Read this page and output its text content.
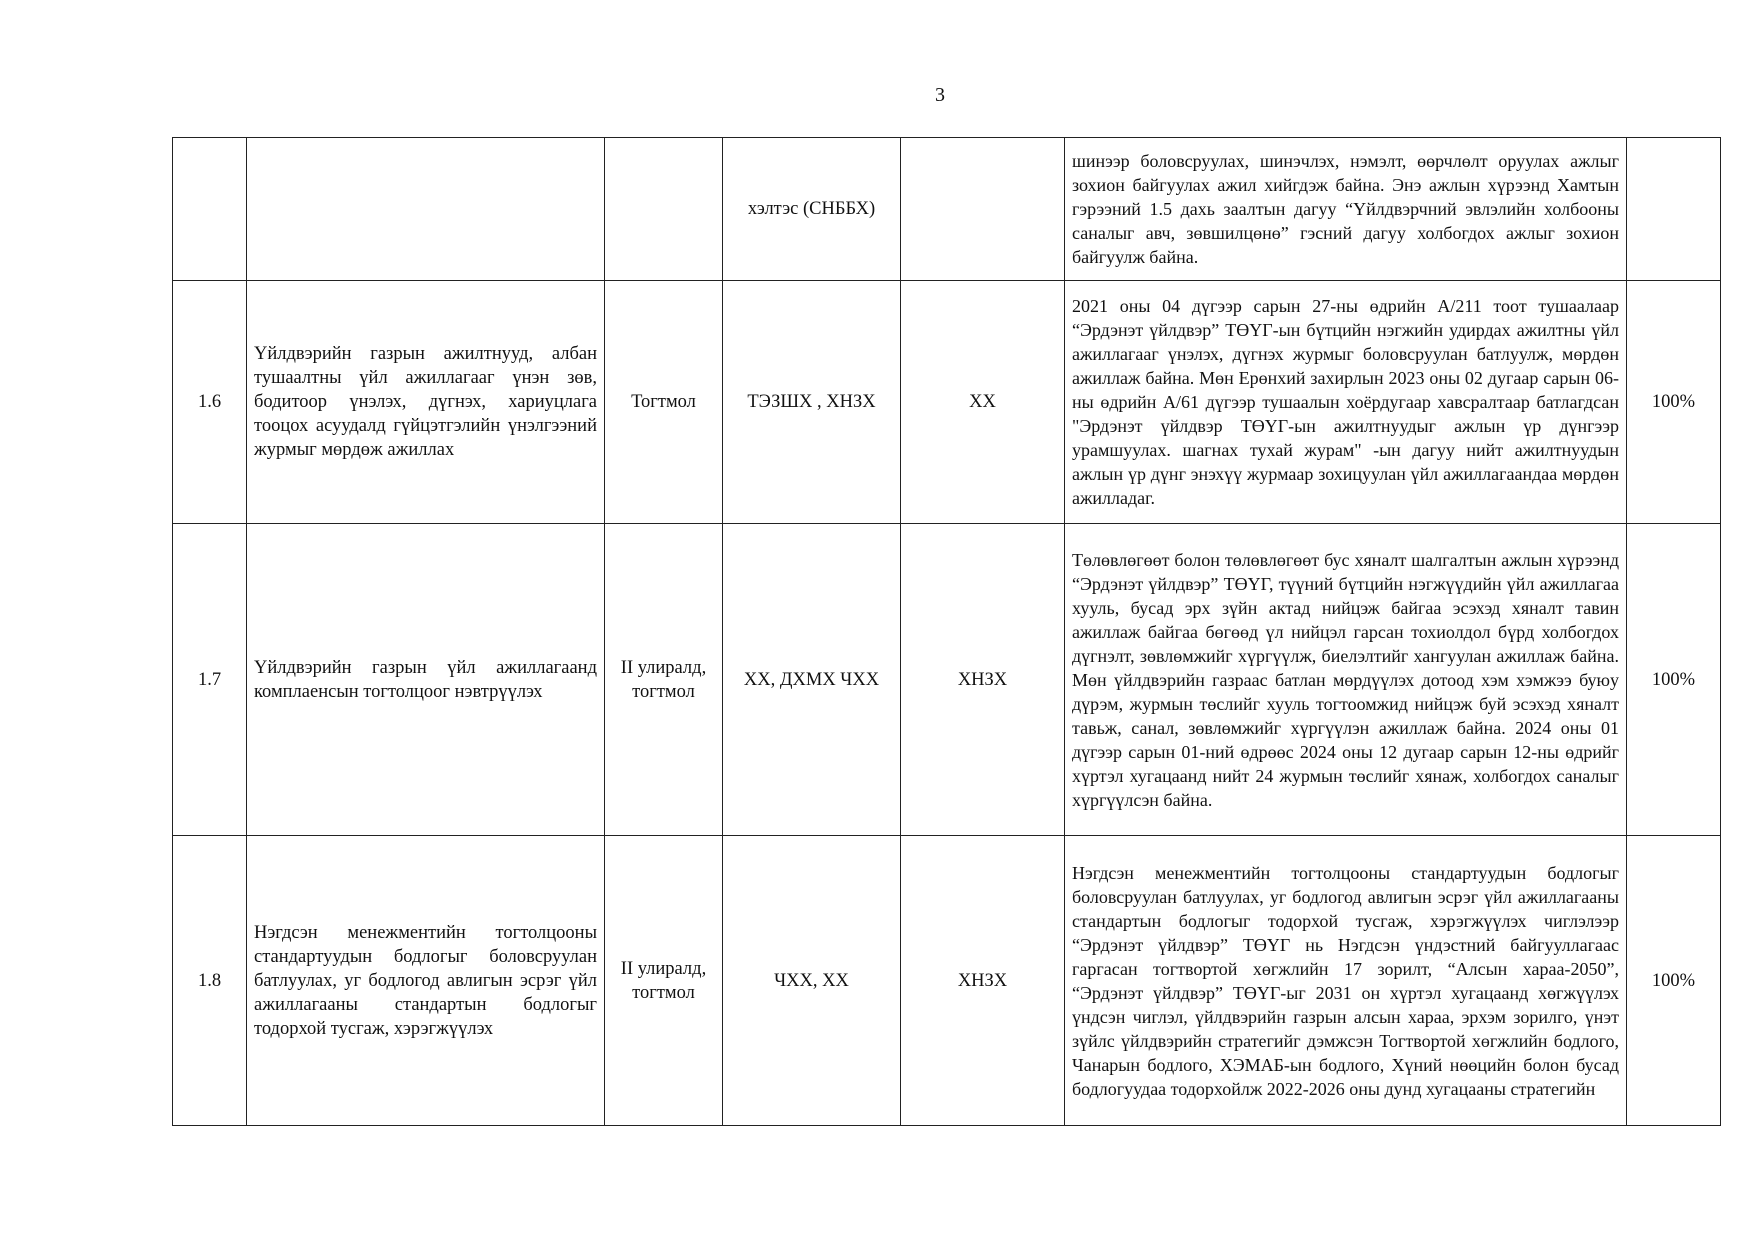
3
			хэлтэс (СНББХ)		шинээр боловсруулах, шинэчлэх, нэмэлт, өөрчлөлт оруулах ажлыг зохион байгуулах ажил хийгдэж байна. Энэ ажлын хүрээнд Хамтын гэрээний 1.5 дахь заалтын дагуу “Үйлдвэрчний эвлэлийн холбооны саналыг авч, зөвшилцөнө” гэсний дагуу холбогдох ажлыг зохион байгуулж байна.	
1.6	Үйлдвэрийн газрын ажилтнууд, албан тушаалтны үйл ажиллагааг үнэн зөв, бодитоор үнэлэх, дүгнэх, хариуцлага тооцох асуудалд гүйцэтгэлийн үнэлгээний журмыг мөрдөж ажиллах	Тогтмол	ТЭЗШХ , ХНЗХ	ХХ	2021 оны 04 дүгээр сарын 27-ны өдрийн А/211 тоот тушаалаар “Эрдэнэт үйлдвэр” ТӨҮГ-ын бүтцийн нэгжийн удирдах ажилтны үйл ажиллагааг үнэлэх, дүгнэх журмыг боловсруулан батлуулж, мөрдөн ажиллаж байна. Мөн Ерөнхий захирлын 2023 оны 02 дугаар сарын 06-ны өдрийн А/61 дүгээр тушаалын хоёрдугаар хавсралтаар батлагдсан "Эрдэнэт үйлдвэр ТӨҮГ-ын ажилтнуудыг ажлын үр дүнгээр урамшуулах. шагнах тухай журам" -ын дагуу нийт ажилтнуудын ажлын үр дүнг энэхүү журмаар зохицуулан үйл ажиллагаандаа мөрдөн ажилладаг.	100%
1.7	Үйлдвэрийн газрын үйл ажиллагаанд комплаенсын тогтолцоог нэвтрүүлэх	II улиралд, тогтмол	ХХ, ДХМХ ЧХХ	ХНЗХ	Төлөвлөгөөт болон төлөвлөгөөт бус хяналт шалгалтын ажлын хүрээнд “Эрдэнэт үйлдвэр” ТӨҮГ, түүний бүтцийн нэгжүүдийн үйл ажиллагаа хууль, бусад эрх зүйн актад нийцэж байгаа эсэхэд хяналт тавин ажиллаж байгаа бөгөөд үл нийцэл гарсан тохиолдол бүрд холбогдох дүгнэлт, зөвлөмжийг хүргүүлж, биелэлтийг хангуулан ажиллаж байна. Мөн үйлдвэрийн газраас батлан мөрдүүлэх дотоод хэм хэмжээ буюу дүрэм, журмын төслийг хууль тогтоомжид нийцэж буй эсэхэд хяналт тавьж, санал, зөвлөмжийг хүргүүлэн ажиллаж байна. 2024 оны 01 дүгээр сарын 01-ний өдрөөс 2024 оны 12 дугаар сарын 12-ны өдрийг хүртэл хугацаанд нийт 24 журмын төслийг хянаж, холбогдох саналыг хүргүүлсэн байна.	100%
1.8	Нэгдсэн менежментийн тогтолцооны стандартуудын бодлогыг боловсруулан батлуулах, уг бодлогод авлигын эсрэг үйл ажиллагааны стандартын бодлогыг тодорхой тусгаж, хэрэгжүүлэх	II улиралд, тогтмол	ЧХХ, ХХ	ХНЗХ	Нэгдсэн менежментийн тогтолцооны стандартуудын бодлогыг боловсруулан батлуулах, уг бодлогод авлигын эсрэг үйл ажиллагааны стандартын бодлогыг тодорхой тусгаж, хэрэгжүүлэх чиглэлээр “Эрдэнэт үйлдвэр” ТӨҮГ нь Нэгдсэн үндэстний байгууллагаас гаргасан тогтвортой хөгжлийн 17 зорилт, “Алсын хараа-2050”, “Эрдэнэт үйлдвэр” ТӨҮГ-ыг 2031 он хүртэл хугацаанд хөгжүүлэх үндсэн чиглэл, үйлдвэрийн газрын алсын хараа, эрхэм зорилго, үнэт зүйлс үйлдвэрийн стратегийг дэмжсэн Тогтвортой хөгжлийн бодлого, Чанарын бодлого, ХЭМАБ-ын бодлого, Хүний нөөцийн болон бусад бодлогуудаа тодорхойлж 2022-2026 оны дунд хугацааны стратегийн	100%
